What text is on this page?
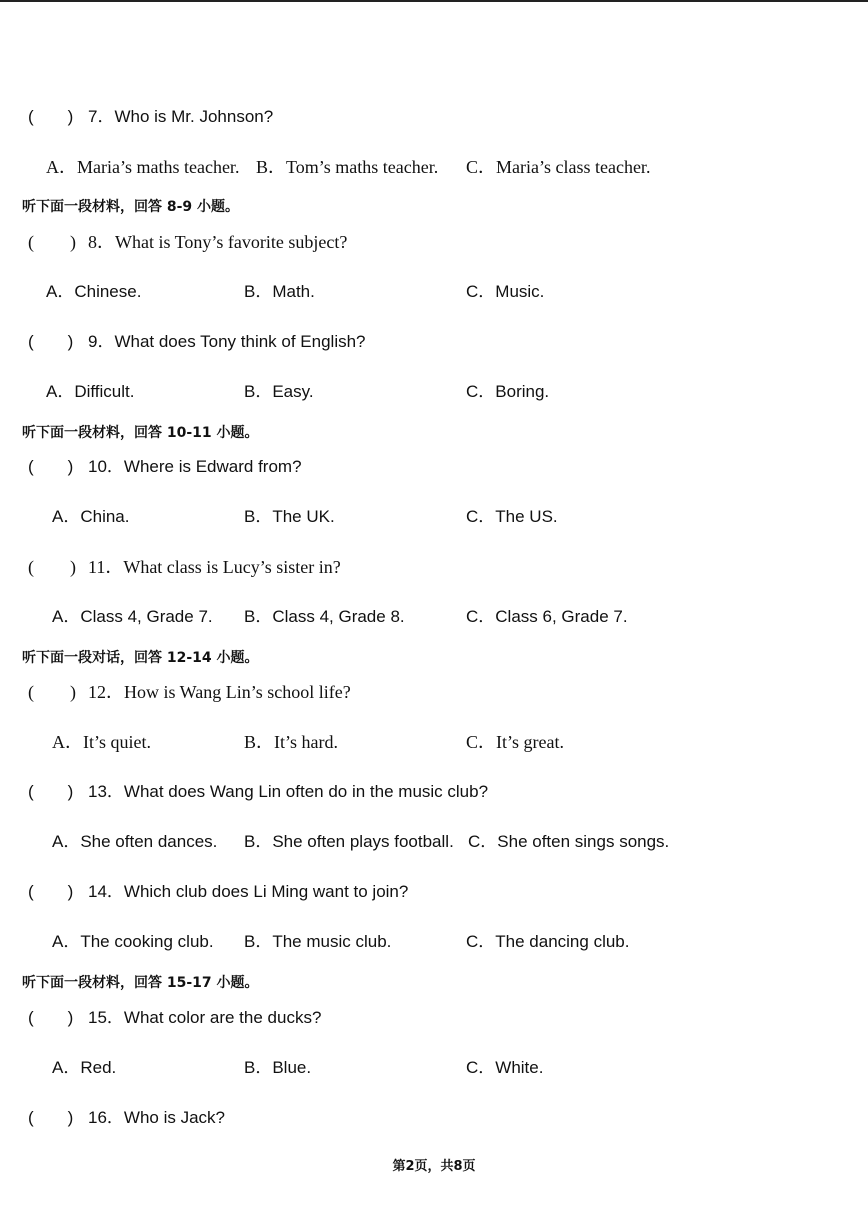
(　　) 7．Who is Mr. Johnson?
A．Maria’s maths teacher. B．Tom’s maths teacher. C．Maria’s class teacher.
听下面一段材料，回答 8-9 小题。
(　　) 8．What is Tony’s favorite subject?
A．Chinese.	B．Math.	C．Music.
(　　) 9．What does Tony think of English?
A．Difficult.	B．Easy.	C．Boring.
听下面一段材料，回答 10-11 小题。
(　　) 10．Where is Edward from?
A．China.	B．The UK.	C．The US.
(　　) 11．What class is Lucy’s sister in?
A．Class 4, Grade 7. B．Class 4, Grade 8.	C．Class 6, Grade 7.
听下面一段对话，回答 12-14 小题。
(　　) 12．How is Wang Lin’s school life?
A．It’s quiet.	B．It’s hard.	C．It’s great.
(　　) 13．What does Wang Lin often do in the music club?
A．She often dances. B．She often plays football. C．She often sings songs.
(　　) 14．Which club does Li Ming want to join?
A．The cooking club. B．The music club.	C．The dancing club.
听下面一段材料，回答 15-17 小题。
(　　) 15．What color are the ducks?
A．Red.	B．Blue.	C．White.
(　　) 16．Who is Jack?
第2页，共8页
